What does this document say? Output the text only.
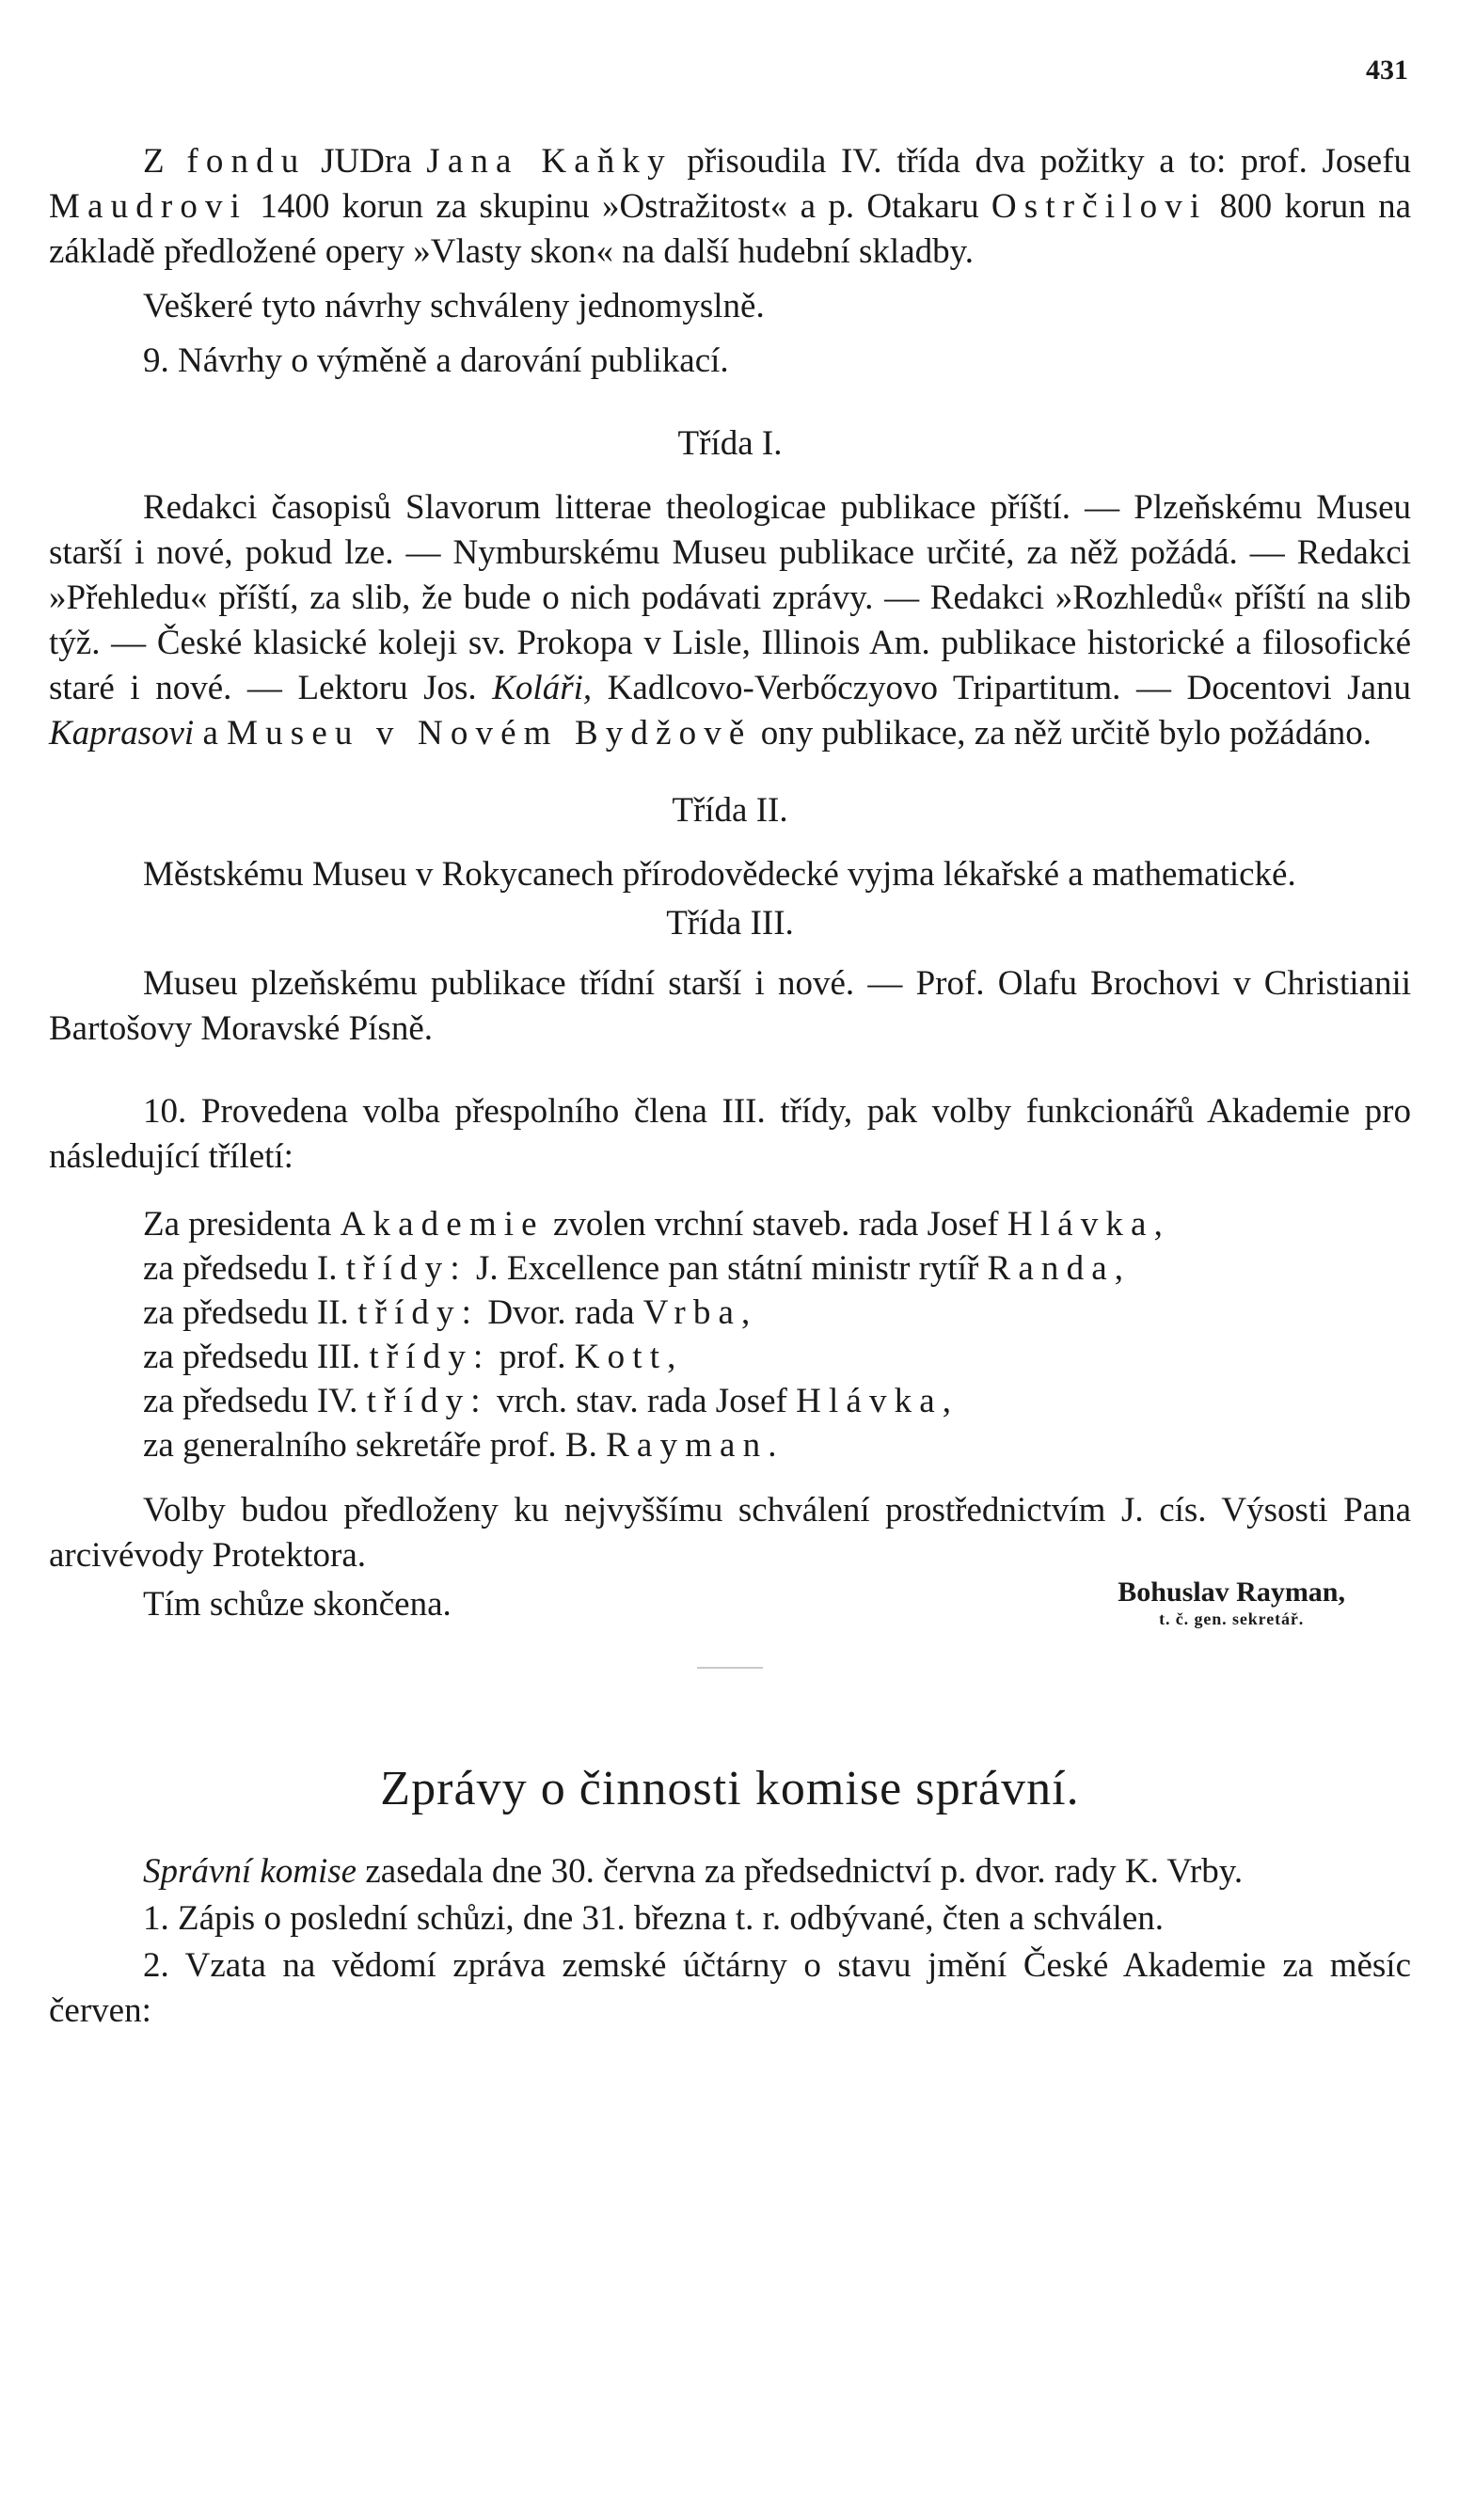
431

Z fondu JUDra Jana Kaňky přisoudila IV. třída dva požitky a to: prof. Josefu Maudrovi 1400 korun za skupinu »Ostražitost« a p. Otakaru Ostrčilovi 800 korun na základě předložené opery »Vlasty skon« na další hudební skladby.

Veškeré tyto návrhy schváleny jednomyslně.

9. Návrhy o výměně a darování publikací.

Třída I.

Redakci časopisů Slavorum litterae theologicae publikace příští. — Plzeňskému Museu starší i nové, pokud lze. — Nymburskému Museu publikace určité, za něž požádá. — Redakci »Přehledu« příští, za slib, že bude o nich podávati zprávy. — Redakci »Rozhledů« příští na slib týž. — České klasické koleji sv. Prokopa v Lisle, Illinois Am. publikace historické a filosofické staré i nové. — Lektoru Jos. Kolářі, Kadlcovo-Verbőczyovo Tripartitum. — Docentovi Janu Kaprasovi a Museu v Novém Bydžově ony publikace, za něž určitě bylo požádáno.

Třída II.

Městskému Museu v Rokycanech přírodovědecké vyjma lékařské a mathematické.

Třída III.

Museu plzeňskému publikace třídní starší i nové. — Prof. Olafu Brochovi v Christianii Bartošovy Moravské Písně.

10. Provedena volba přespolního člena III. třídy, pak volby funkcionářů Akademie pro následující tříletí:

Za presidenta Akademie zvolen vrchní staveb. rada Josef Hlávka,
za předsedu I. třídy: J. Excellence pan státní ministr rytíř Randa,
za předsedu II. třídy: Dvor. rada Vrba,
za předsedu III. třídy: prof. Kott,
za předsedu IV. třídy: vrch. stav. rada Josef Hlávka,
za generalního sekretáře prof. B. Rayman.

Volby budou předloženy ku nejvyššímu schválení prostřednictvím J. cís. Výsosti Pana arcivévody Protektora.

Tím schůze skončena.	Bohuslav Rayman,
t. č. gen. sekretář.
Zprávy o činnosti komise správní.

Správní komise zasedala dne 30. června za předsednictví p. dvor. rady K. Vrby.

1. Zápis o poslední schůzi, dne 31. března t. r. odbývané, čten a schválen.

2. Vzata na vědomí zpráva zemské účtárny o stavu jmění České Akademie za měsíc červen:
